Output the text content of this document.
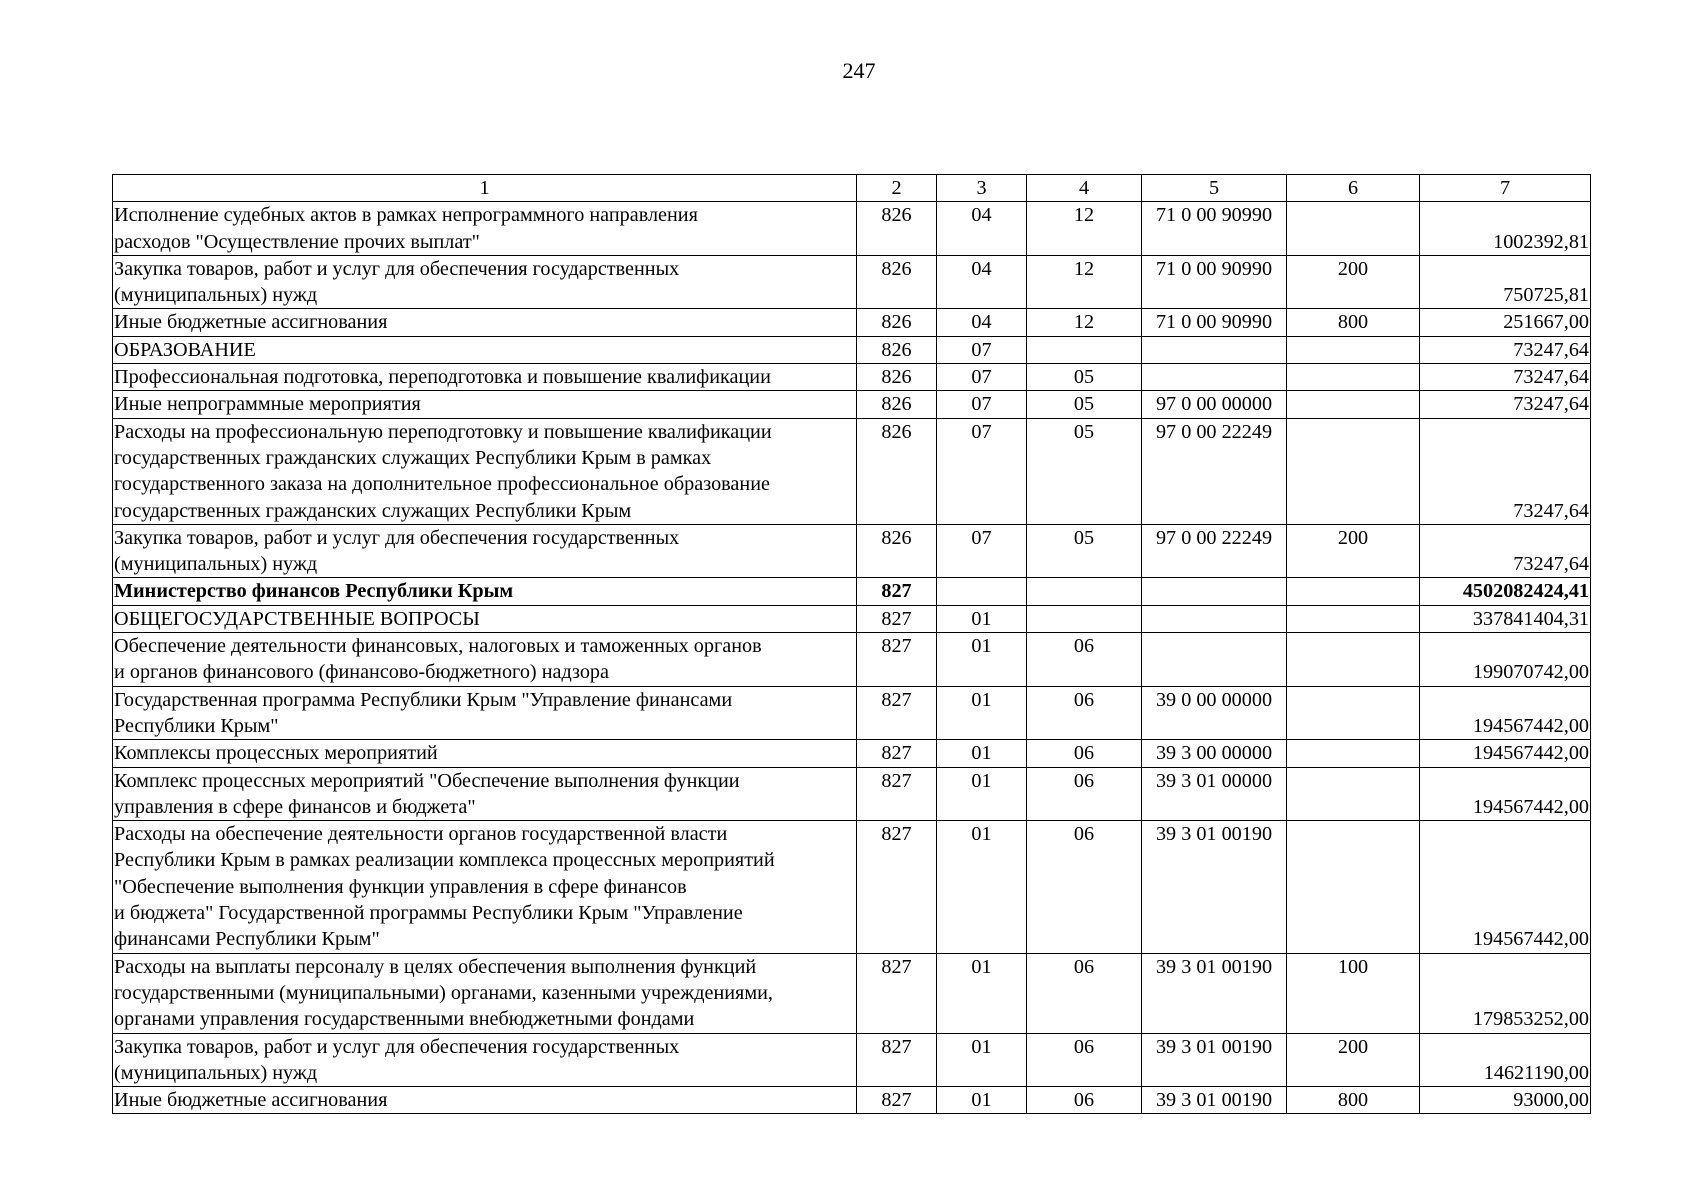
247
1	2	3	4	5	6	7
Исполнение судебных актов в рамках непрограммного направления
расходов "Осуществление прочих выплат"	826	04	12	71 0 00 90990		1002392,81
Закупка товаров, работ и услуг для обеспечения государственных
(муниципальных) нужд	826	04	12	71 0 00 90990	200	750725,81
Иные бюджетные ассигнования	826	04	12	71 0 00 90990	800	251667,00
ОБРАЗОВАНИЕ	826	07				73247,64
Профессиональная подготовка, переподготовка и повышение квалификации	826	07	05			73247,64
Иные непрограммные мероприятия	826	07	05	97 0 00 00000		73247,64
Расходы на профессиональную переподготовку и повышение квалификации
государственных гражданских служащих Республики Крым в рамках
государственного заказа на дополнительное профессиональное образование
государственных гражданских служащих Республики Крым	826	07	05	97 0 00 22249		73247,64
Закупка товаров, работ и услуг для обеспечения государственных
(муниципальных) нужд	826	07	05	97 0 00 22249	200	73247,64
Министерство финансов Республики Крым	827					4502082424,41
ОБЩЕГОСУДАРСТВЕННЫЕ ВОПРОСЫ	827	01				337841404,31
Обеспечение деятельности финансовых, налоговых и таможенных органов
и органов финансового (финансово-бюджетного) надзора	827	01	06			199070742,00
Государственная программа Республики Крым "Управление финансами
Республики Крым"	827	01	06	39 0 00 00000		194567442,00
Комплексы процессных мероприятий	827	01	06	39 3 00 00000		194567442,00
Комплекс процессных мероприятий "Обеспечение выполнения функции
управления в сфере финансов и бюджета"	827	01	06	39 3 01 00000		194567442,00
Расходы на обеспечение деятельности органов государственной власти
Республики Крым в рамках реализации комплекса процессных мероприятий
"Обеспечение выполнения функции управления в сфере финансов
и бюджета" Государственной программы Республики Крым "Управление
финансами Республики Крым"	827	01	06	39 3 01 00190		194567442,00
Расходы на выплаты персоналу в целях обеспечения выполнения функций
государственными (муниципальными) органами, казенными учреждениями,
органами управления государственными внебюджетными фондами	827	01	06	39 3 01 00190	100	179853252,00
Закупка товаров, работ и услуг для обеспечения государственных
(муниципальных) нужд	827	01	06	39 3 01 00190	200	14621190,00
Иные бюджетные ассигнования	827	01	06	39 3 01 00190	800	93000,00
